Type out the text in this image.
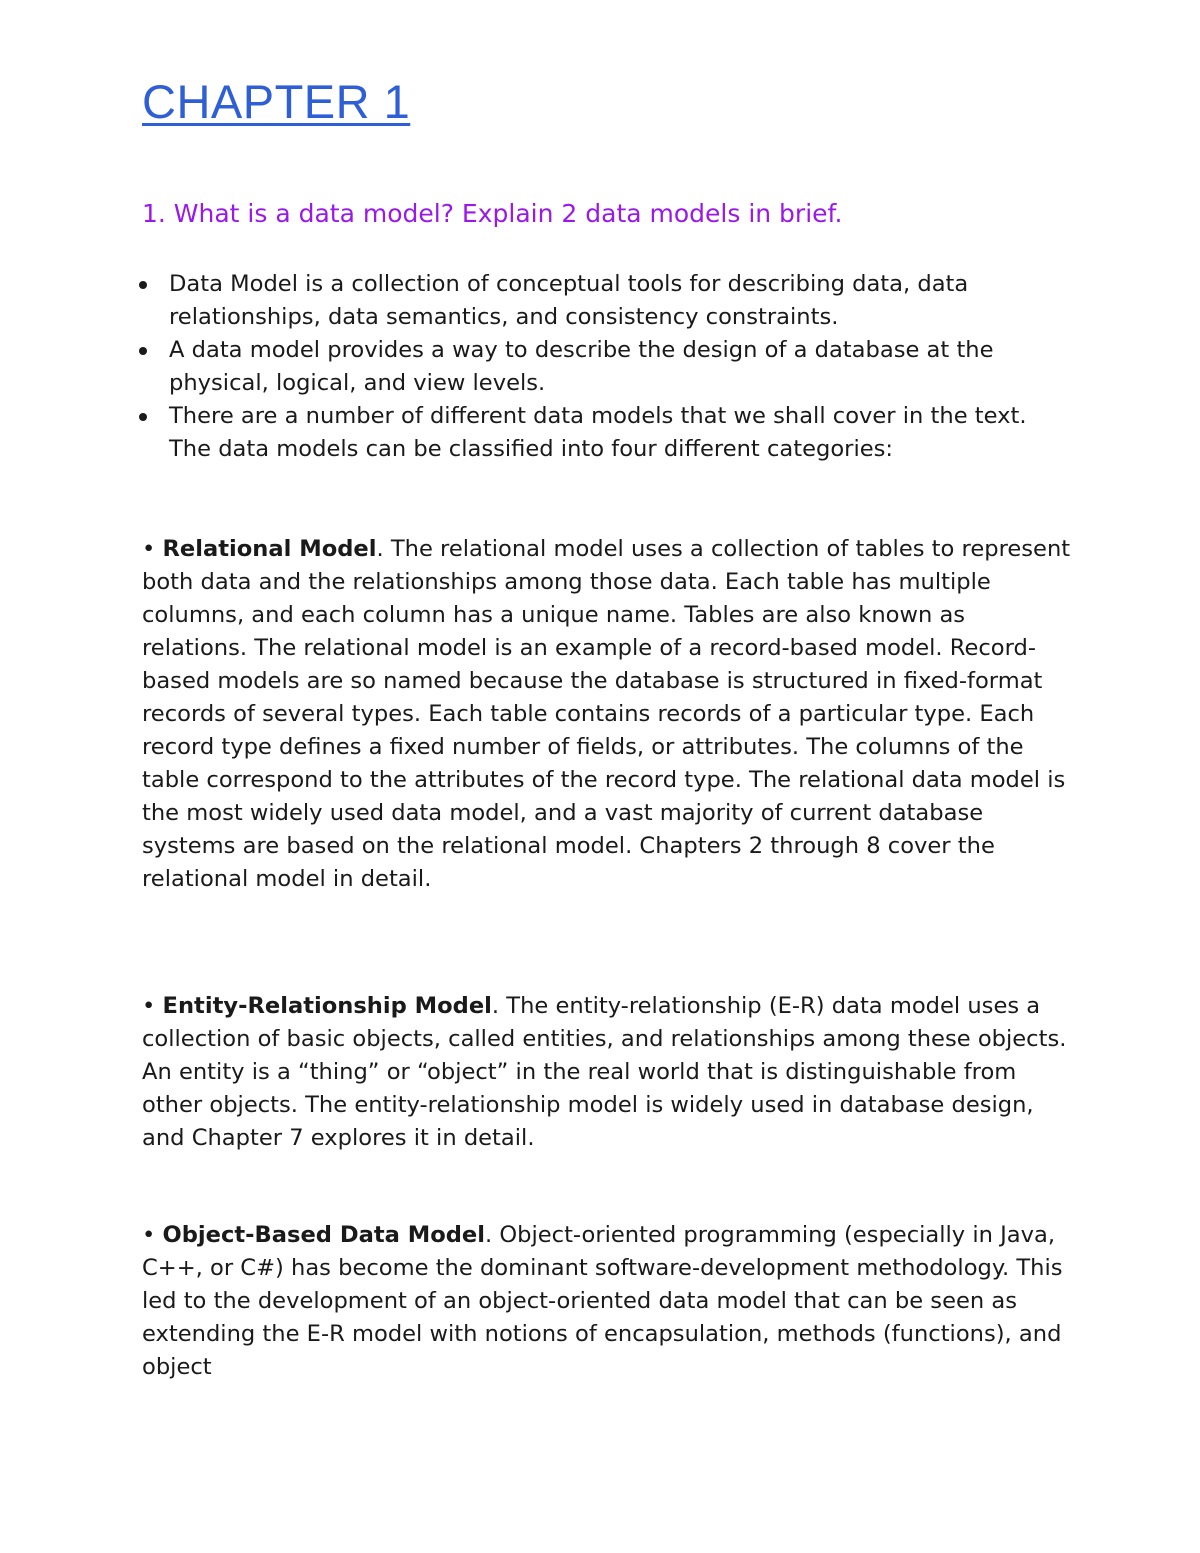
CHAPTER 1
1. What is a data model? Explain 2 data models in brief.
Data Model is a collection of conceptual tools for describing data, data relationships, data semantics, and consistency constraints.
A data model provides a way to describe the design of a database at the physical, logical, and view levels.
There are a number of different data models that we shall cover in the text. The data models can be classified into four different categories:

• Relational Model. The relational model uses a collection of tables to represent both data and the relationships among those data. Each table has multiple columns, and each column has a unique name. Tables are also known as relations. The relational model is an example of a record-based model. Record-based models are so named because the database is structured in fixed-format records of several types. Each table contains records of a particular type. Each record type defines a fixed number of fields, or attributes. The columns of the table correspond to the attributes of the record type. The relational data model is the most widely used data model, and a vast majority of current database systems are based on the relational model. Chapters 2 through 8 cover the relational model in detail.

• Entity-Relationship Model. The entity-relationship (E-R) data model uses a collection of basic objects, called entities, and relationships among these objects. An entity is a “thing” or “object” in the real world that is distinguishable from other objects. The entity-relationship model is widely used in database design, and Chapter 7 explores it in detail.

• Object-Based Data Model. Object-oriented programming (especially in Java, C++, or C#) has become the dominant software-development methodology. This led to the development of an object-oriented data model that can be seen as extending the E-R model with notions of encapsulation, methods (functions), and object
